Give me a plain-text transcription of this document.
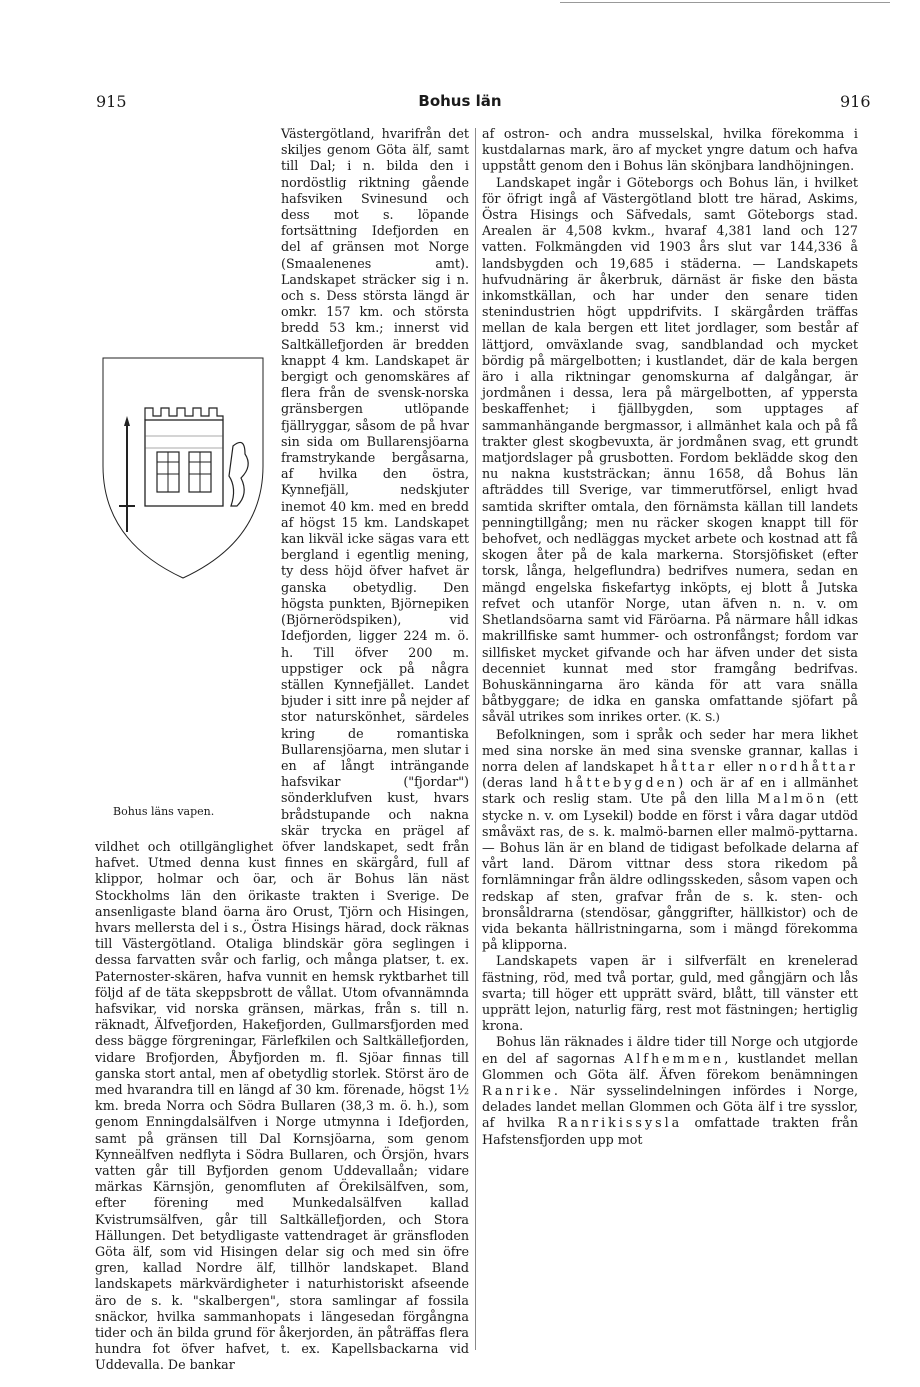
915	Bohus län	916
Bohus läns vapen.

Västergötland, hvarifrån det skiljes genom Göta älf, samt till Dal; i n. bilda den i nordöstlig riktning gående hafsviken Svinesund och dess mot s. löpande fortsättning Idefjorden en del af gränsen mot Norge (Smaalenenes amt). Landskapet sträcker sig i n. och s. Dess största längd är omkr. 157 km. och största bredd 53 km.; innerst vid Saltkällefjorden är bredden knappt 4 km. Landskapet är bergigt och genomskäres af flera från de svensk-norska gränsbergen utlöpande fjällryggar, såsom de på hvar sin sida om Bullarensjöarna framstrykande bergåsarna, af hvilka den östra, Kynnefjäll, nedskjuter inemot 40 km. med en bredd af högst 15 km. Landskapet kan likväl icke sägas vara ett bergland i egentlig mening, ty dess höjd öfver hafvet är ganska obetydlig. Den högsta punkten, Björnepiken (Björnerödspiken), vid Idefjorden, ligger 224 m. ö. h. Till öfver 200 m. uppstiger ock på några ställen Kynnefjället. Landet bjuder i sitt inre på nejder af stor naturskönhet, särdeles kring de romantiska Bullarensjöarna, men slutar i en af långt inträngande hafsvikar ("fjordar") sönderklufven kust, hvars brådstupande och nakna skär trycka en prägel af vildhet och otillgänglighet öfver landskapet, sedt från hafvet. Utmed denna kust finnes en skärgård, full af klippor, holmar och öar, och är Bohus län näst Stockholms län den örikaste trakten i Sverige. De ansenligaste bland öarna äro Orust, Tjörn och Hisingen, hvars mellersta del i s., Östra Hisings härad, dock räknas till Västergötland. Otaliga blindskär göra seglingen i dessa farvatten svår och farlig, och många platser, t. ex. Paternoster-skären, hafva vunnit en hemsk ryktbarhet till följd af de täta skeppsbrott de vållat. Utom ofvannämnda hafsvikar, vid norska gränsen, märkas, från s. till n. räknadt, Älfvefjorden, Hakefjorden, Gullmarsfjorden med dess bägge förgreningar, Färlefkilen och Saltkällefjorden, vidare Brofjorden, Åbyfjorden m. fl. Sjöar finnas till ganska stort antal, men af obetydlig storlek. Störst äro de med hvarandra till en längd af 30 km. förenade, högst 1½ km. breda Norra och Södra Bullaren (38,3 m. ö. h.), som genom Enningdalsälfven i Norge utmynna i Idefjorden, samt på gränsen till Dal Kornsjöarna, som genom Kynneälfven nedflyta i Södra Bullaren, och Örsjön, hvars vatten går till Byfjorden genom Uddevallaån; vidare märkas Kärnsjön, genomfluten af Örekilsälfven, som, efter förening med Munkedalsälfven kallad Kvistrumsälfven, går till Saltkällefjorden, och Stora Hällungen. Det betydligaste vattendraget är gränsfloden Göta älf, som vid Hisingen delar sig och med sin öfre gren, kallad Nordre älf, tillhör landskapet. Bland landskapets märkvärdigheter i naturhistoriskt afseende äro de s. k. "skalbergen", stora samlingar af fossila snäckor, hvilka sammanhopats i längesedan förgångna tider och än bilda grund för åkerjorden, än påträffas flera hundra fot öfver hafvet, t. ex. Kapellsbackarna vid Uddevalla. De bankar

af ostron- och andra musselskal, hvilka förekomma i kustdalarnas mark, äro af mycket yngre datum och hafva uppstått genom den i Bohus län skönjbara landhöjningen.

Landskapet ingår i Göteborgs och Bohus län, i hvilket för öfrigt ingå af Västergötland blott tre härad, Askims, Östra Hisings och Säfvedals, samt Göteborgs stad. Arealen är 4,508 kvkm., hvaraf 4,381 land och 127 vatten. Folkmängden vid 1903 års slut var 144,336 å landsbygden och 19,685 i städerna. — Landskapets hufvudnäring är åkerbruk, därnäst är fiske den bästa inkomstkällan, och har under den senare tiden stenindustrien högt uppdrifvits. I skärgården träffas mellan de kala bergen ett litet jordlager, som består af lättjord, omväxlande svag, sandblandad och mycket bördig på märgelbotten; i kustlandet, där de kala bergen äro i alla riktningar genomskurna af dalgångar, är jordmånen i dessa, lera på märgelbotten, af yppersta beskaffenhet; i fjällbygden, som upptages af sammanhängande bergmassor, i allmänhet kala och på få trakter glest skogbevuxta, är jordmånen svag, ett grundt matjordslager på grusbotten. Fordom beklädde skog den nu nakna kuststräckan; ännu 1658, då Bohus län afträddes till Sverige, var timmerutförsel, enligt hvad samtida skrifter omtala, den förnämsta källan till landets penningtillgång; men nu räcker skogen knappt till för behofvet, och nedläggas mycket arbete och kostnad att få skogen åter på de kala markerna. Storsjöfisket (efter torsk, långa, helgeflundra) bedrifves numera, sedan en mängd engelska fiskefartyg inköpts, ej blott å Jutska refvet och utanför Norge, utan äfven n. n. v. om Shetlandsöarna samt vid Färöarna. På närmare håll idkas makrillfiske samt hummer- och ostronfångst; fordom var sillfisket mycket gifvande och har äfven under det sista decenniet kunnat med stor framgång bedrifvas. Bohuskänningarna äro kända för att vara snälla båtbyggare; de idka en ganska omfattande sjöfart på såväl utrikes som inrikes orter. (K. S.)

Befolkningen, som i språk och seder har mera likhet med sina norske än med sina svenske grannar, kallas i norra delen af landskapet håttar eller nordhåttar (deras land håttebygden) och är af en i allmänhet stark och reslig stam. Ute på den lilla Malmön (ett stycke n. v. om Lysekil) bodde en först i våra dagar utdöd småväxt ras, de s. k. malmö-barnen eller malmö-pyttarna. — Bohus län är en bland de tidigast befolkade delarna af vårt land. Därom vittnar dess stora rikedom på fornlämningar från äldre odlingsskeden, såsom vapen och redskap af sten, grafvar från de s. k. sten- och bronsåldrarna (stendösar, gånggrifter, hällkistor) och de vida bekanta hällristningarna, som i mängd förekomma på klipporna.

Landskapets vapen är i silfverfält en krenelerad fästning, röd, med två portar, guld, med gångjärn och lås svarta; till höger ett upprätt svärd, blått, till vänster ett upprätt lejon, naturlig färg, rest mot fästningen; hertiglig krona.

Bohus län räknades i äldre tider till Norge och utgjorde en del af sagornas Alfhemmen, kustlandet mellan Glommen och Göta älf. Äfven förekom benämningen Ranrike. När sysselindelningen infördes i Norge, delades landet mellan Glommen och Göta älf i tre sysslor, af hvilka Ranrikissysla omfattade trakten från Hafstensfjorden upp mot
